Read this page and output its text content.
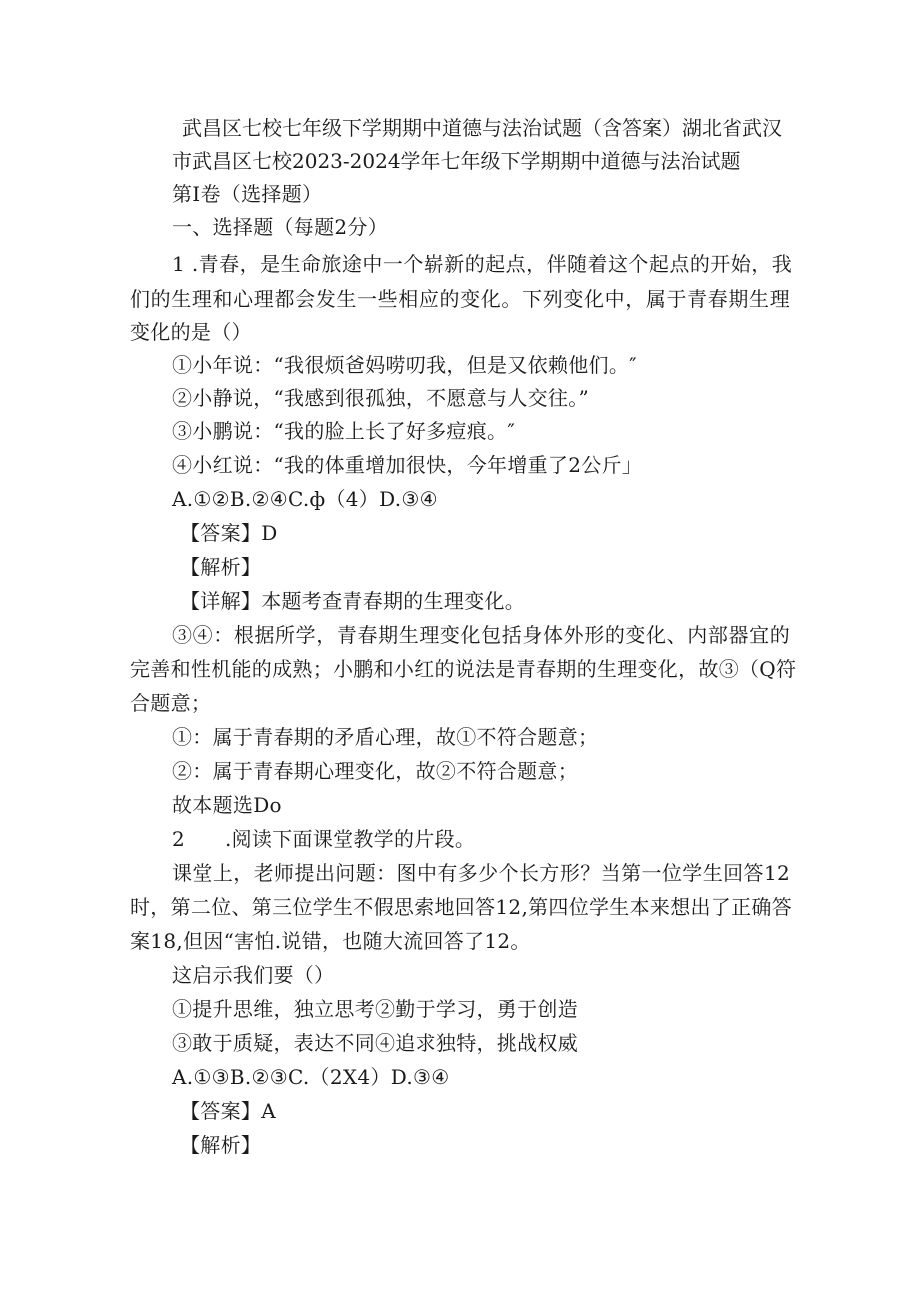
武昌区七校七年级下学期期中道德与法治试题（含答案）湖北省武汉
市武昌区七校2023-2024学年七年级下学期期中道德与法治试题
第I卷（选择题）
一、选择题（每题2分）
1 .青春，是生命旅途中一个崭新的起点，伴随着这个起点的开始，我
们的生理和心理都会发生一些相应的变化。下列变化中，属于青春期生理
变化的是（）
①小年说：“我很烦爸妈唠叨我，但是又依赖他们。″
②小静说，“我感到很孤独，不愿意与人交往。”
③小鹏说：“我的脸上长了好多痘痕。″
④小红说：“我的体重增加很快，今年增重了2公斤」
A.①②B.②④C.ф（4）D.③④
【答案】D
【解析】
【详解】本题考查青春期的生理变化。
③④：根据所学，青春期生理变化包括身体外形的变化、内部器宜的
完善和性机能的成熟；小鹏和小红的说法是青春期的生理变化，故③（Q符
合题意；
①：属于青春期的矛盾心理，故①不符合题意；
②：属于青春期心理变化，故②不符合题意；
故本题选Do
2      .阅读下面课堂教学的片段。
课堂上，老师提出问题：图中有多少个长方形？当第一位学生回答12
时，第二位、第三位学生不假思索地回答12,第四位学生本来想出了正确答
案18,但因“害怕.说错，也随大流回答了12。
这启示我们要（）
①提升思维，独立思考②勤于学习，勇于创造
③敢于质疑，表达不同④追求独特，挑战权威
A.①③B.②③C.（2X4）D.③④
【答案】A
【解析】
